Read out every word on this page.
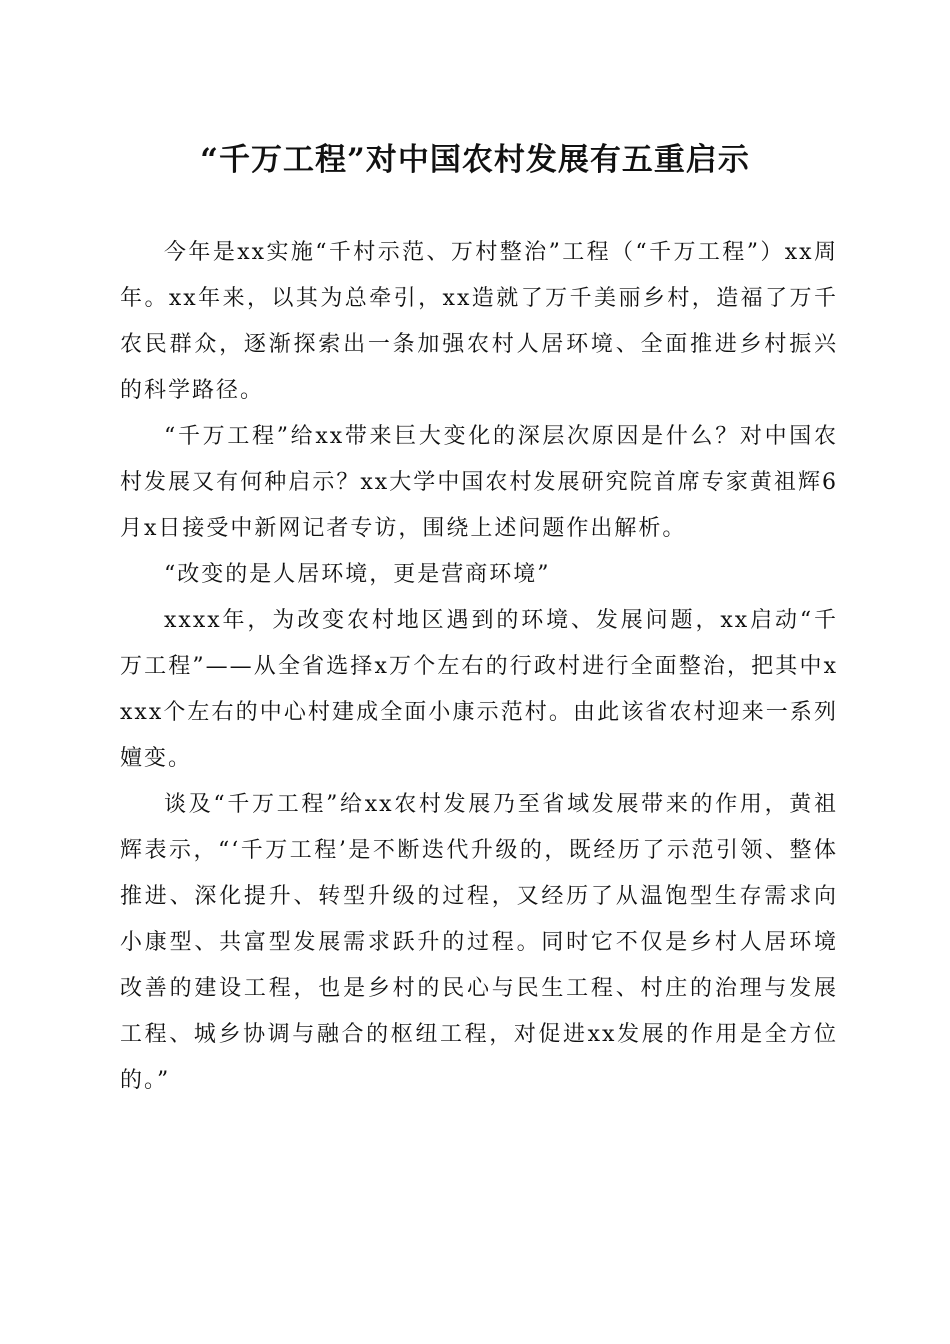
“千万工程”对中国农村发展有五重启示

今年是xx实施“千村示范、万村整治”工程（“千万工程”）xx周年。xx年来，以其为总牵引，xx造就了万千美丽乡村，造福了万千农民群众，逐渐探索出一条加强农村人居环境、全面推进乡村振兴的科学路径。

“千万工程”给xx带来巨大变化的深层次原因是什么？对中国农村发展又有何种启示？xx大学中国农村发展研究院首席专家黄祖辉6月x日接受中新网记者专访，围绕上述问题作出解析。

“改变的是人居环境，更是营商环境”

xxxx年，为改变农村地区遇到的环境、发展问题，xx启动“千万工程”——从全省选择x万个左右的行政村进行全面整治，把其中xxxx个左右的中心村建成全面小康示范村。由此该省农村迎来一系列嬗变。

谈及“千万工程”给xx农村发展乃至省域发展带来的作用，黄祖辉表示，“‘千万工程’是不断迭代升级的，既经历了示范引领、整体推进、深化提升、转型升级的过程，又经历了从温饱型生存需求向小康型、共富型发展需求跃升的过程。同时它不仅是乡村人居环境改善的建设工程，也是乡村的民心与民生工程、村庄的治理与发展工程、城乡协调与融合的枢纽工程，对促进xx发展的作用是全方位的。”
